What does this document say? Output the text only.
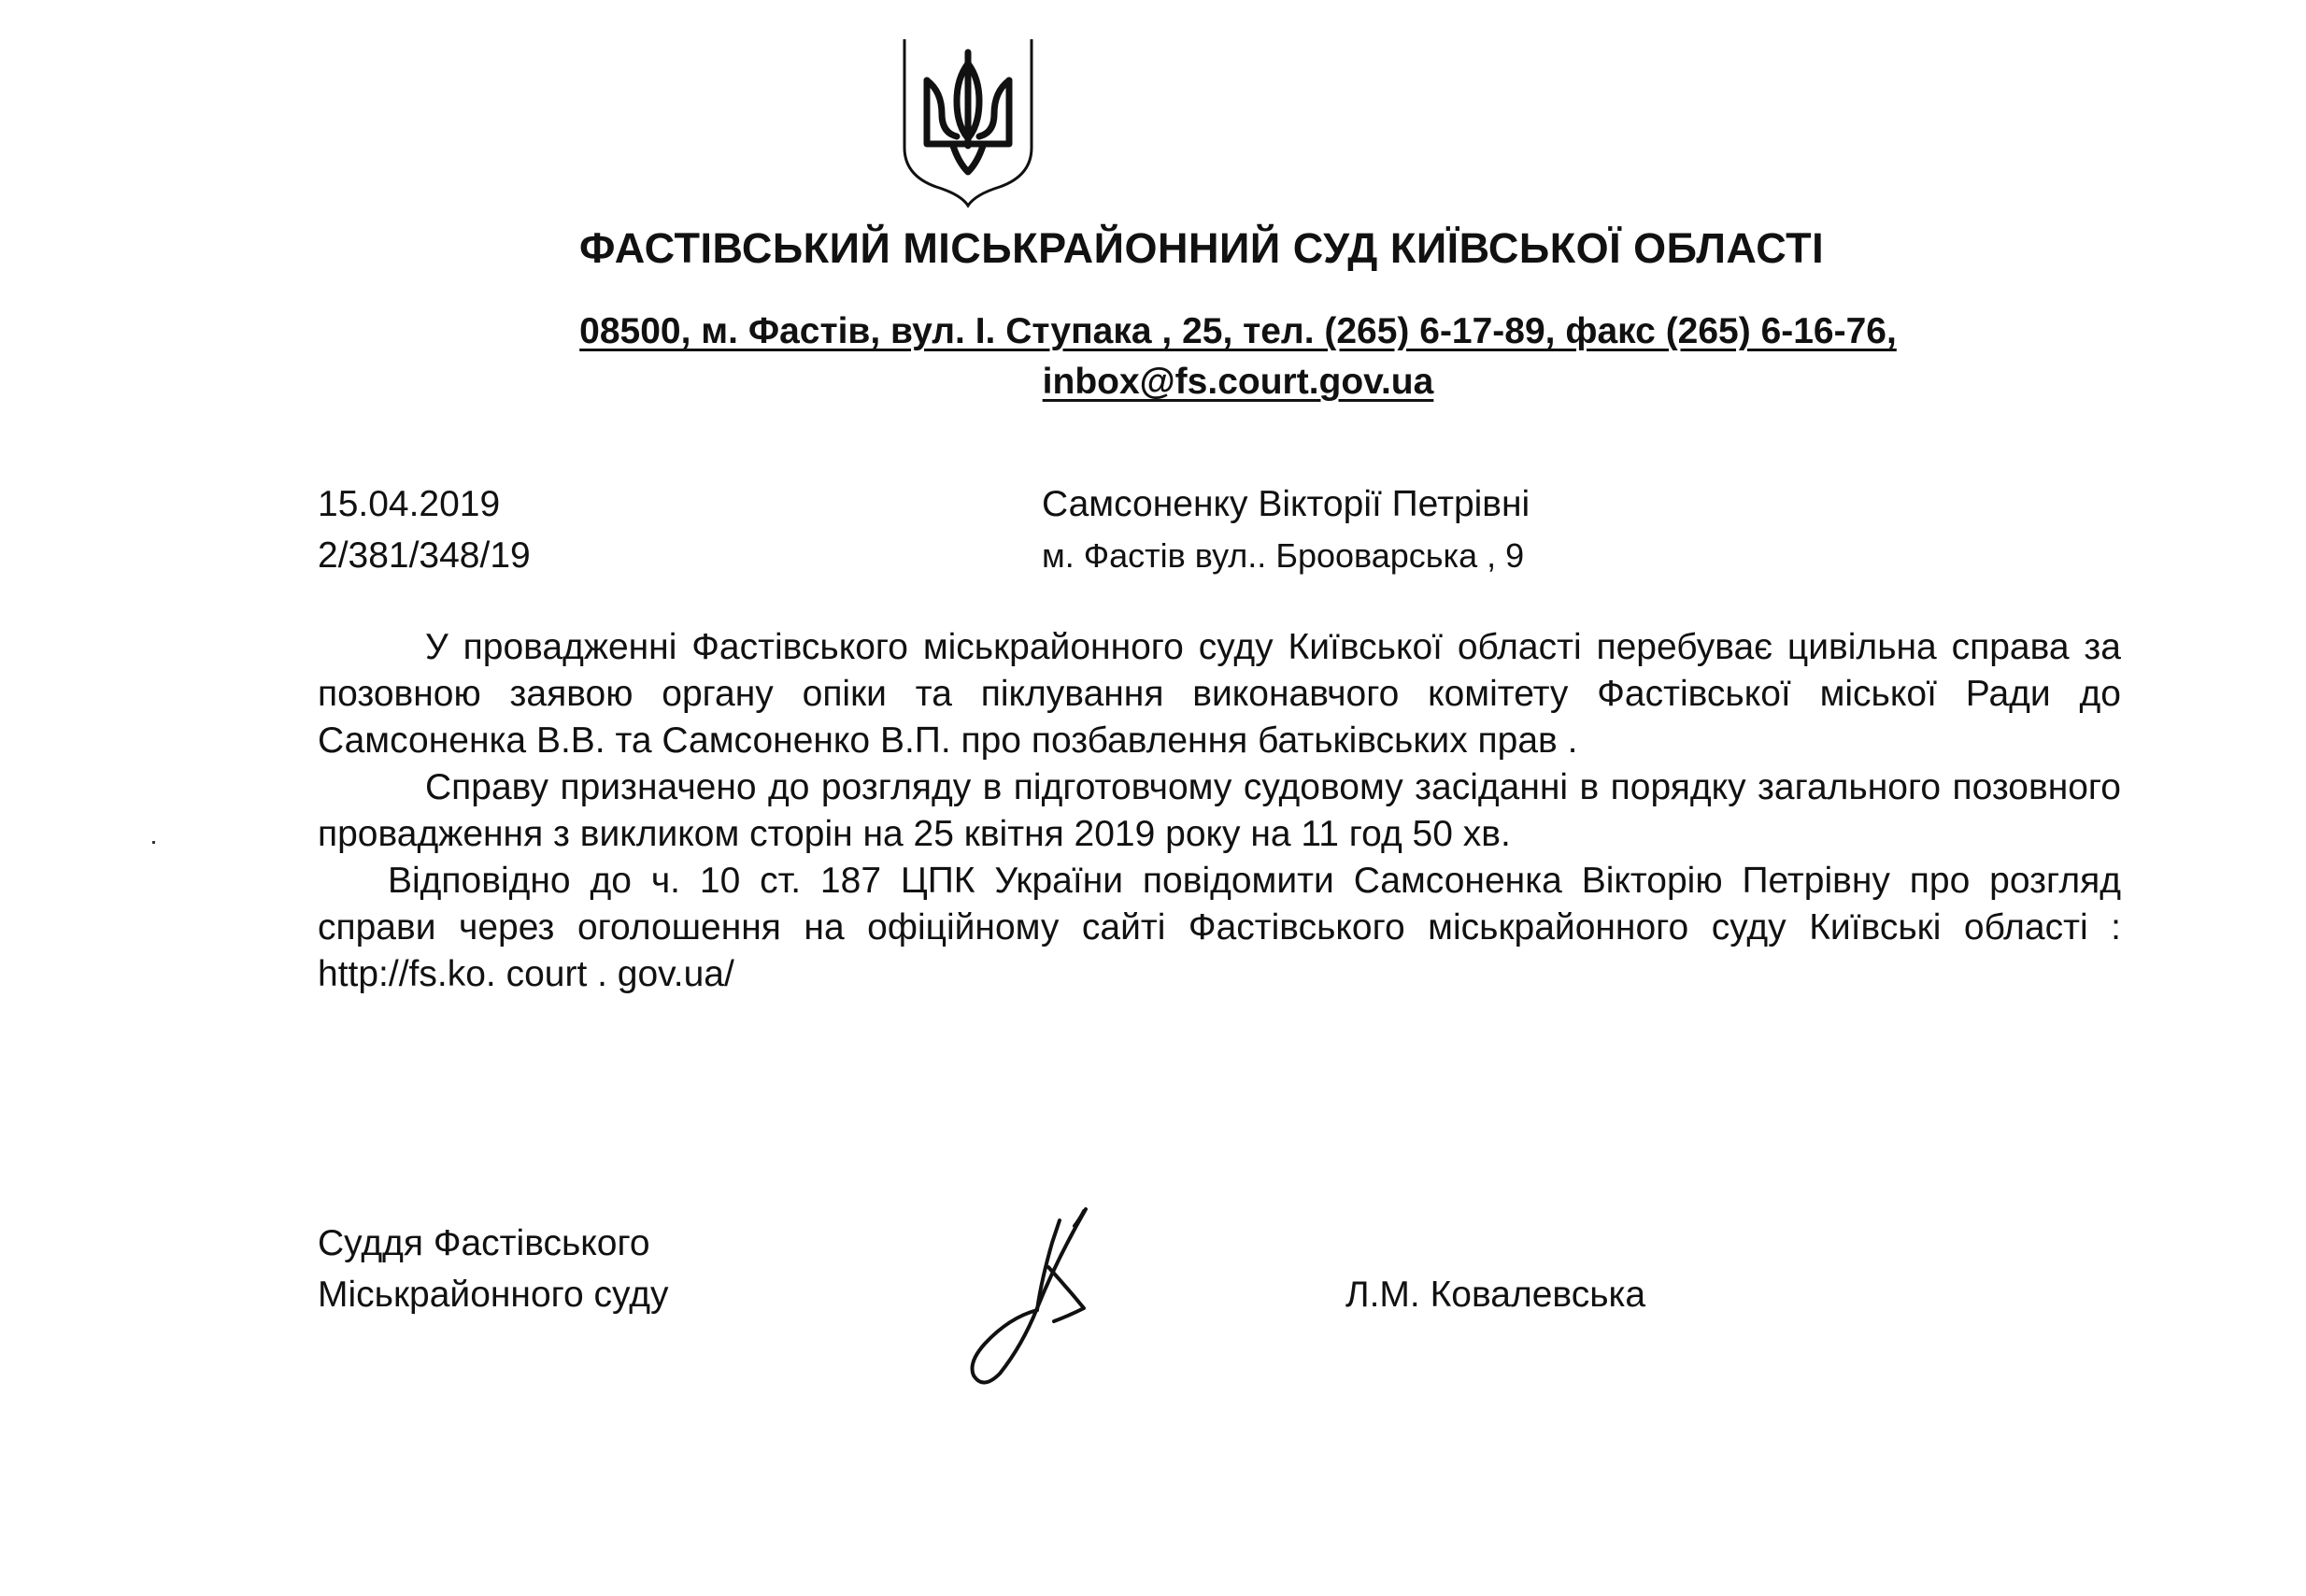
ФАСТІВСЬКИЙ МІСЬКРАЙОННИЙ СУД КИЇВСЬКОЇ ОБЛАСТІ
08500, м. Фастів, вул. І. Ступака , 25, тел. (265) 6-17-89, факс (265) 6-16-76,
inbox@fs.court.gov.ua
15.04.2019
2/381/348/19
Самсоненку Вікторії Петрівні
м. Фастів вул.. Броoварська , 9

У провадженні Фастівського міськрайонного суду Київської області перебуває цивільна справа за позовною заявою органу опіки та піклування виконавчого комітету Фастівської міської Ради до Самсоненка В.В. та Самсоненко В.П. про позбавлення батьківських прав .

Справу призначено до розгляду в підготовчому судовому засіданні в порядку загального позовного провадження з викликом сторін на 25 квітня 2019 року на 11 год 50 хв.

Відповідно до ч. 10 ст. 187 ЦПК України повідомити Самсоненка Вікторію Петрівну про розгляд справи через оголошення на офіційному сайті Фастівського міськрайонного суду Київські області : http://fs.ko. court . gov.ua/

Суддя Фастівського
Міськрайонного суду	Л.М. Ковалевська
